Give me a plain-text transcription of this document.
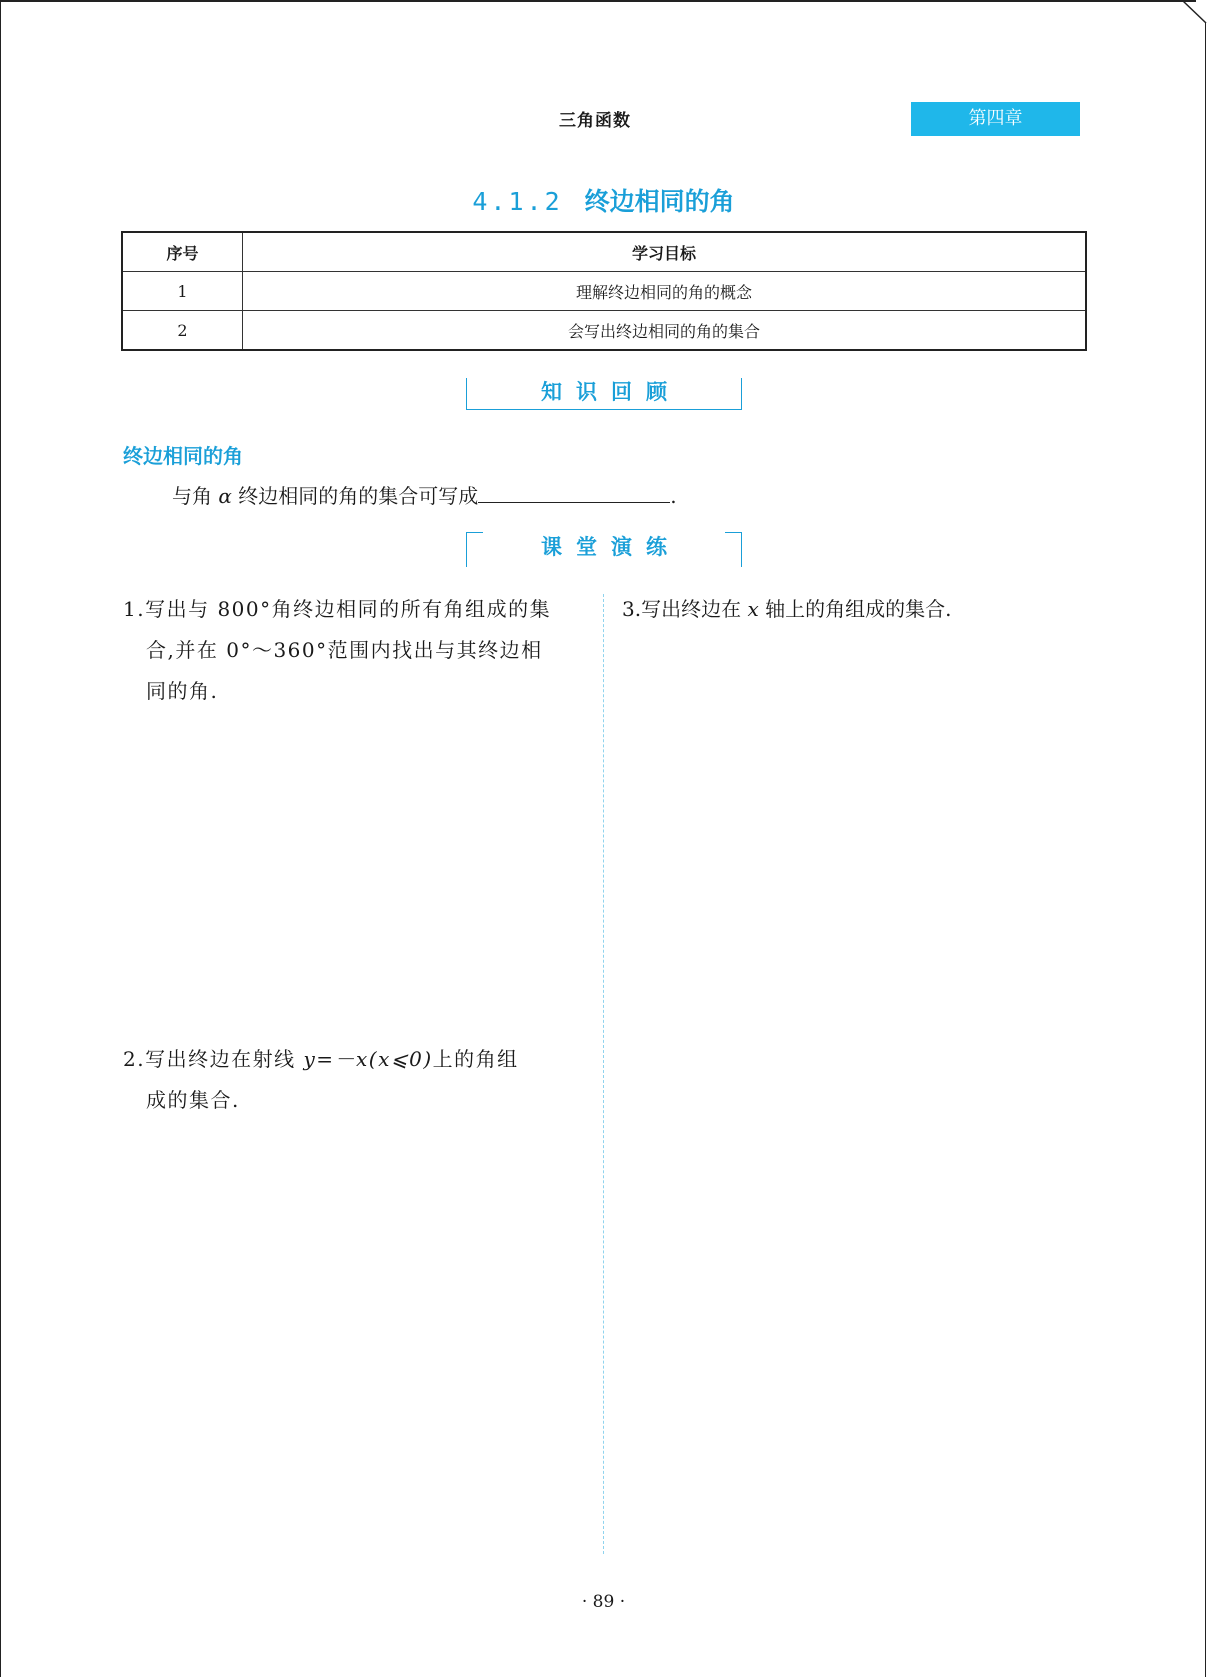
三角函数	第四章
4.1.2 终边相同的角
序号	学习目标
1	理解终边相同的角的概念
2	会写出终边相同的角的集合
知识回顾
终边相同的角
与角 α 终边相同的角的集合可写成	.
课堂演练
1.写出与 800°角终边相同的所有角组成的集
合,并在 0°～360°范围内找出与其终边相
同的角.
2.写出终边在射线 y=－x(x⩽0)上的角组
成的集合.
3.写出终边在 x 轴上的角组成的集合.
· 89 ·
